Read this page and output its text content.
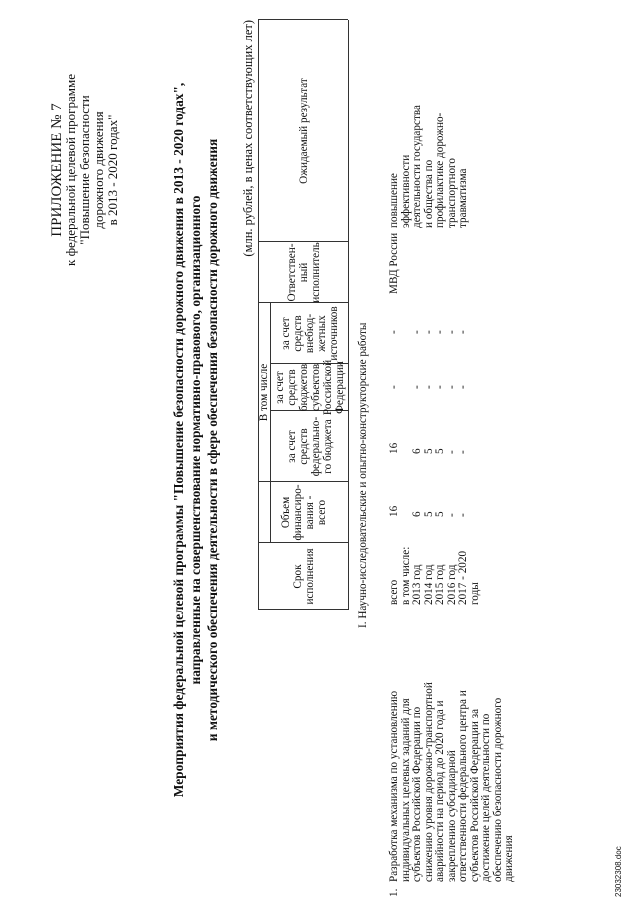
ПРИЛОЖЕНИЕ № 7
к федеральной целевой программе "Повышение безопасности дорожного движения в 2013 - 2020 годах"	Мероприятия федеральной целевой программы "Повышение безопасности дорожного движения в 2013 - 2020 годах", направленные на совершенствование нормативно-правового, организационного и методического обеспечения деятельности в сфере обеспечения безопасности дорожного движения
(млн. рублей, в ценах соответствующих лет)
Срок исполнения
Объем финансиро- вания - всего
В том числе
за счет средств федерально- го бюджета
за счет средств бюджетов субъектов Российской Федерации
за счет средств внебюд- жетных источников
Ответствен- ный исполнитель
Ожидаемый результат
I. Научно-исследовательские и опытно-конструкторские работы
1.
Разработка механизма по установлению индивидуальных целевых заданий для субъектов Российской Федерации по снижению уровня дорожно-транспортной аварийности на период до 2020 года и закреплению субсидиарной ответственности федерального центра и субъектов Российской Федерации за достижение целей деятельности по обеспечению безопасности дорожного движения
всего в том числе: 2013 год 2014 год 2015 год 2016 год 2017 - 2020 годы
16
6 5 5 - -
16
6 5 5 - -
-
- - - - -
-
- - - - -
МВД России
повышение эффективности деятельности государства и общества по профилактике дорожно- транспортного травматизма
23032308.doc
